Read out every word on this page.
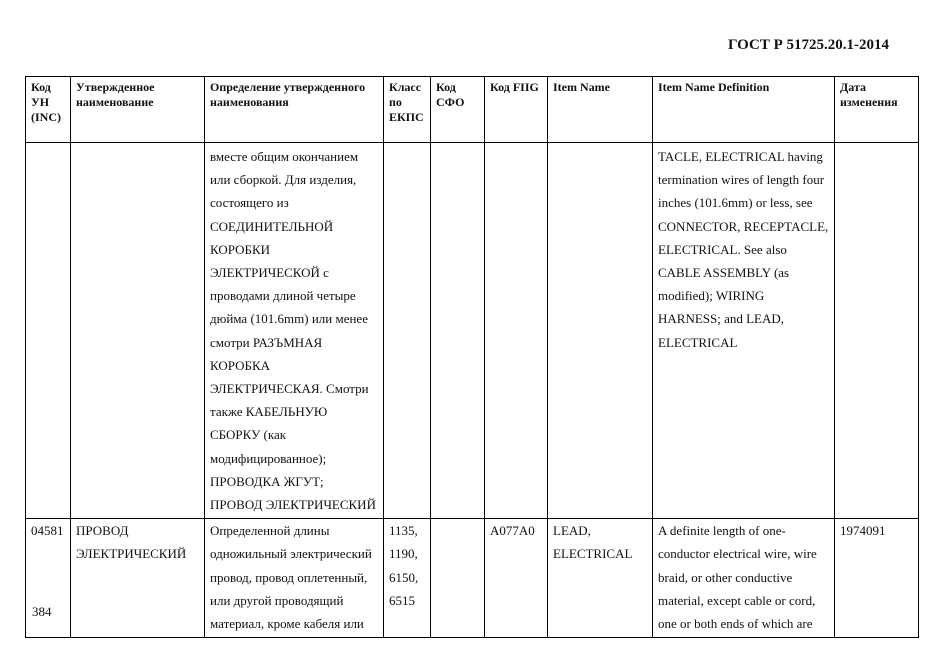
ГОСТ Р 51725.20.1-2014
Код УН (INC)	Утвержденное наименование	Определение утвержденного наименования	Класс по ЕКПС	Код СФО	Код FIIG	Item Name	Item Name Definition	Дата изменения
		вместе общим окончанием или сборкой. Для изделия, состоящего из СОЕДИНИТЕЛЬНОЙ КОРОБКИ ЭЛЕКТРИЧЕСКОЙ с проводами длиной четыре дюйма (101.6mm) или менее смотри РАЗЪМНАЯ КОРОБКА ЭЛЕКТРИЧЕСКАЯ. Смотри также КАБЕЛЬНУЮ СБОРКУ (как модифицированное); ПРОВОДКА ЖГУТ; ПРОВОД ЭЛЕКТРИЧЕСКИЙ					TACLE, ELECTRICAL having termination wires of length four inches (101.6mm) or less, see CONNECTOR, RECEPTACLE, ELECTRICAL. See also CABLE ASSEMBLY (as modified); WIRING HARNESS; and LEAD, ELECTRICAL	
04581	ПРОВОД ЭЛЕКТРИЧЕСКИЙ	Определенной длины одножильный электрический провод, провод оплетенный, или другой проводящий материал, кроме кабеля или	1135, 1190, 6150, 6515		A077A0	LEAD, ELECTRICAL	A definite length of one-conductor electrical wire, wire braid, or other conductive material, except cable or cord, one or both ends of which are	1974091
384
